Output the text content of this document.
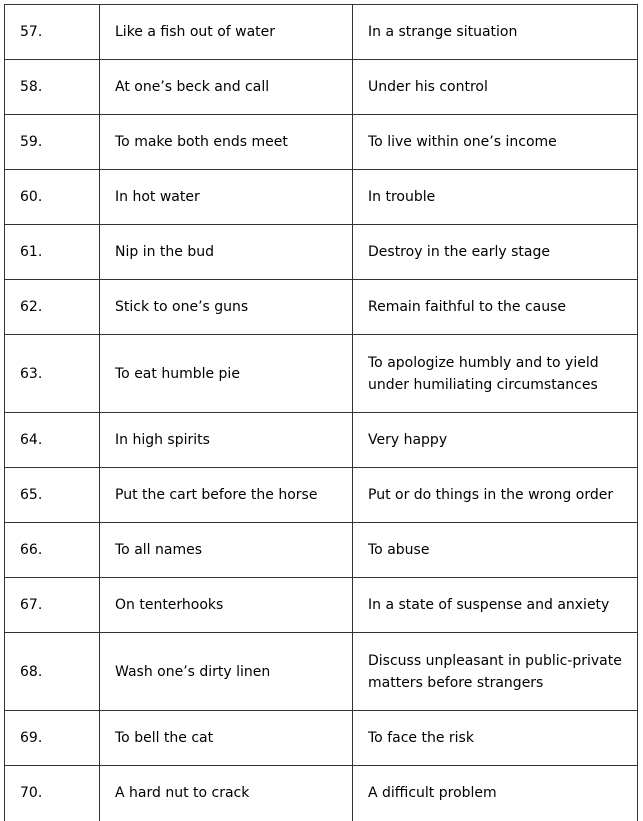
57.	Like a fish out of water	In a strange situation
58.	At one’s beck and call	Under his control
59.	To make both ends meet	To live within one’s income
60.	In hot water	In trouble
61.	Nip in the bud	Destroy in the early stage
62.	Stick to one’s guns	Remain faithful to the cause
63.	To eat humble pie	To apologize humbly and to yield under humiliating circumstances
64.	In high spirits	Very happy
65.	Put the cart before the horse	Put or do things in the wrong order
66.	To all names	To abuse
67.	On tenterhooks	In a state of suspense and anxiety
68.	Wash one’s dirty linen	Discuss unpleasant in public-private matters before strangers
69.	To bell the cat	To face the risk
70.	A hard nut to crack	A difficult problem
